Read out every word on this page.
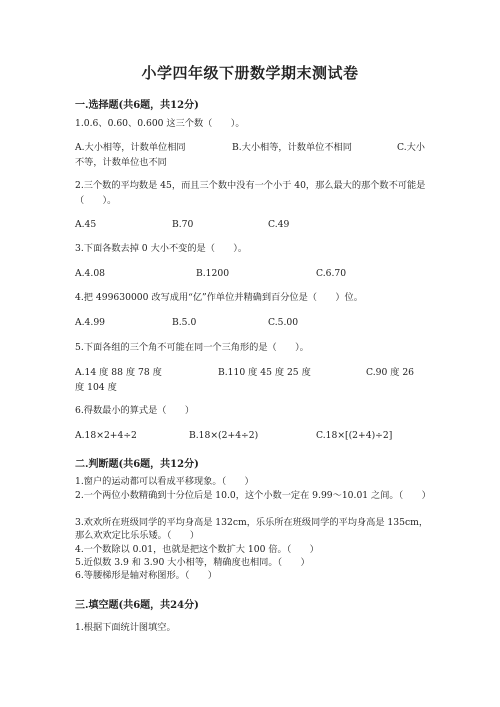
小学四年级下册数学期末测试卷
一.选择题(共6题，共12分)
1.0.6、0.60、0.600 这三个数（　　）。
A.大小相等，计数单位相同	B.大小相等，计数单位不相同	C.大小不等，计数单位也不同
2.三个数的平均数是 45，而且三个数中没有一个小于 40，那么最大的那个数不可能是（　　）。
A.45	B.70	C.49
3.下面各数去掉 0 大小不变的是（　　）。
A.4.08	B.1200	C.6.70
4.把 499630000 改写成用“亿”作单位并精确到百分位是（　　）位。
A.4.99	B.5.0	C.5.00
5.下面各组的三个角不可能在同一个三角形的是（　　）。
A.14 度 88 度 78 度	B.110 度 45 度 25 度	C.90 度 26 度 104 度
6.得数最小的算式是（　　）
A.18×2+4÷2	B.18×(2+4÷2)	C.18×[(2+4)÷2]
二.判断题(共6题，共12分)
1.窗户的运动都可以看成平移现象。（　　）
2.一个两位小数精确到十分位后是 10.0，这个小数一定在 9.99～10.01 之间。（　　）
3.欢欢所在班级同学的平均身高是 132cm，乐乐所在班级同学的平均身高是 135cm，那么欢欢定比乐乐矮。（　　）
4.一个数除以 0.01，也就是把这个数扩大 100 倍。（　　）
5.近似数 3.9 和 3.90 大小相等，精确度也相同。（　　）
6.等腰梯形是轴对称图形。（　　）
三.填空题(共6题，共24分)
1.根据下面统计图填空。
